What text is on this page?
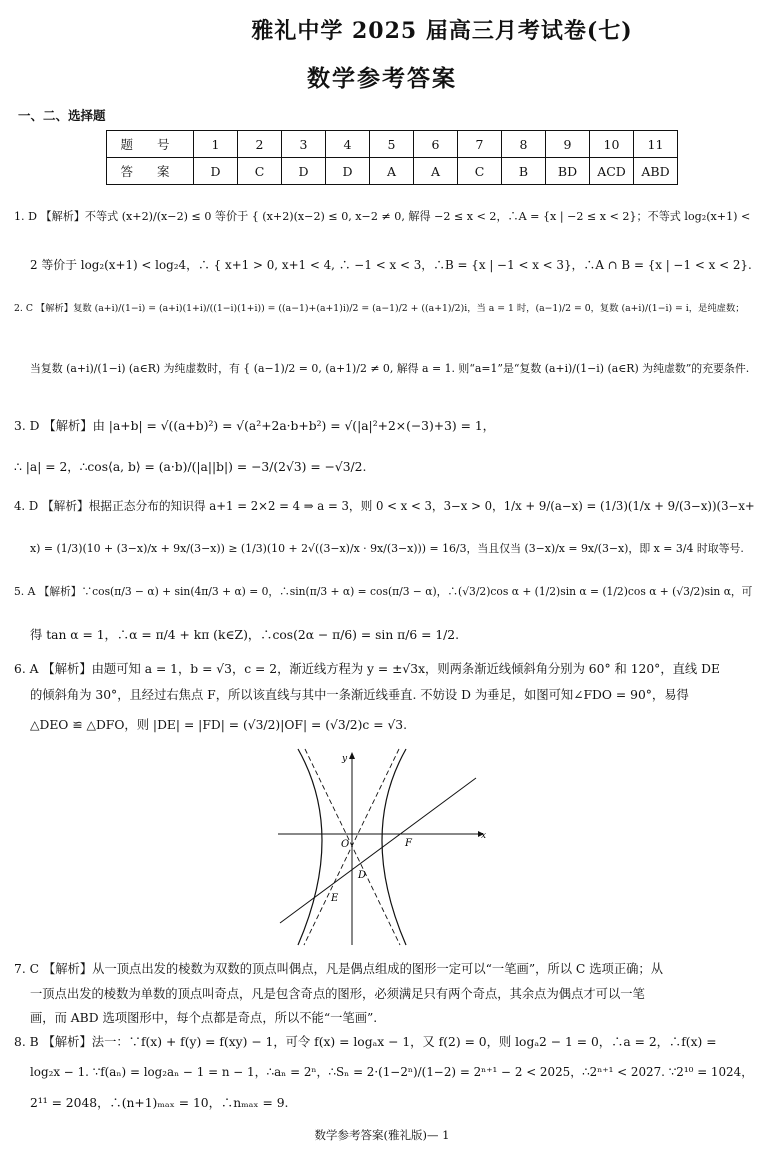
雅礼中学 2025 届高三月考试卷(七)
数学参考答案
一、二、选择题
题 号	1	2	3	4	5	6	7	8	9	10	11
答 案	D	C	D	D	A	A	C	B	BD	ACD	ABD
1. D 【解析】不等式 (x+2)/(x−2) ≤ 0 等价于 { (x+2)(x−2) ≤ 0, x−2 ≠ 0, 解得 −2 ≤ x < 2，∴A = {x | −2 ≤ x < 2}；不等式 log₂(x+1) <
2 等价于 log₂(x+1) < log₂4，∴ { x+1 > 0, x+1 < 4, ∴ −1 < x < 3，∴B = {x | −1 < x < 3}，∴A ∩ B = {x | −1 < x < 2}.
2. C 【解析】复数 (a+i)/(1−i) = (a+i)(1+i)/((1−i)(1+i)) = ((a−1)+(a+1)i)/2 = (a−1)/2 + ((a+1)/2)i，当 a = 1 时，(a−1)/2 = 0，复数 (a+i)/(1−i) = i，是纯虚数；
当复数 (a+i)/(1−i) (a∈R) 为纯虚数时，有 { (a−1)/2 = 0, (a+1)/2 ≠ 0, 解得 a = 1. 则“a=1”是“复数 (a+i)/(1−i) (a∈R) 为纯虚数”的充要条件.
3. D 【解析】由 |a+b| = √((a+b)²) = √(a²+2a·b+b²) = √(|a|²+2×(−3)+3) = 1，
∴ |a| = 2，∴cos⟨a, b⟩ = (a·b)/(|a||b|) = −3/(2√3) = −√3/2.
4. D 【解析】根据正态分布的知识得 a+1 = 2×2 = 4 ⇒ a = 3，则 0 < x < 3，3−x > 0，1/x + 9/(a−x) = (1/3)(1/x + 9/(3−x))(3−x+
x) = (1/3)(10 + (3−x)/x + 9x/(3−x)) ≥ (1/3)(10 + 2√((3−x)/x · 9x/(3−x))) = 16/3，当且仅当 (3−x)/x = 9x/(3−x)，即 x = 3/4 时取等号.
5. A 【解析】∵cos(π/3 − α) + sin(4π/3 + α) = 0，∴sin(π/3 + α) = cos(π/3 − α)，∴(√3/2)cos α + (1/2)sin α = (1/2)cos α + (√3/2)sin α，可
得 tan α = 1，∴α = π/4 + kπ (k∈Z)，∴cos(2α − π/6) = sin π/6 = 1/2.
6. A 【解析】由题可知 a = 1，b = √3，c = 2，渐近线方程为 y = ±√3x，则两条渐近线倾斜角分别为 60° 和 120°，直线 DE
的倾斜角为 30°，且经过右焦点 F，所以该直线与其中一条渐近线垂直. 不妨设 D 为垂足，如图可知∠FDO = 90°，易得
△DEO ≌ △DFO，则 |DE| = |FD| = (√3/2)|OF| = (√3/2)c = √3.
x
y
O	F
D
E
7. C 【解析】从一顶点出发的棱数为双数的顶点叫偶点，凡是偶点组成的图形一定可以“一笔画”，所以 C 选项正确；从
一顶点出发的棱数为单数的顶点叫奇点，凡是包含奇点的图形，必须满足只有两个奇点，其余点为偶点才可以一笔
画，而 ABD 选项图形中，每个点都是奇点，所以不能“一笔画”.
8. B 【解析】法一：∵f(x) + f(y) = f(xy) − 1，可令 f(x) = logₐx − 1，又 f(2) = 0，则 logₐ2 − 1 = 0，∴a = 2，∴f(x) =
log₂x − 1. ∵f(aₙ) = log₂aₙ − 1 = n − 1，∴aₙ = 2ⁿ，∴Sₙ = 2·(1−2ⁿ)/(1−2) = 2ⁿ⁺¹ − 2 < 2025，∴2ⁿ⁺¹ < 2027. ∵2¹⁰ = 1024，
2¹¹ = 2048，∴(n+1)ₘₐₓ = 10，∴nₘₐₓ = 9.
数学参考答案(雅礼版)— 1
